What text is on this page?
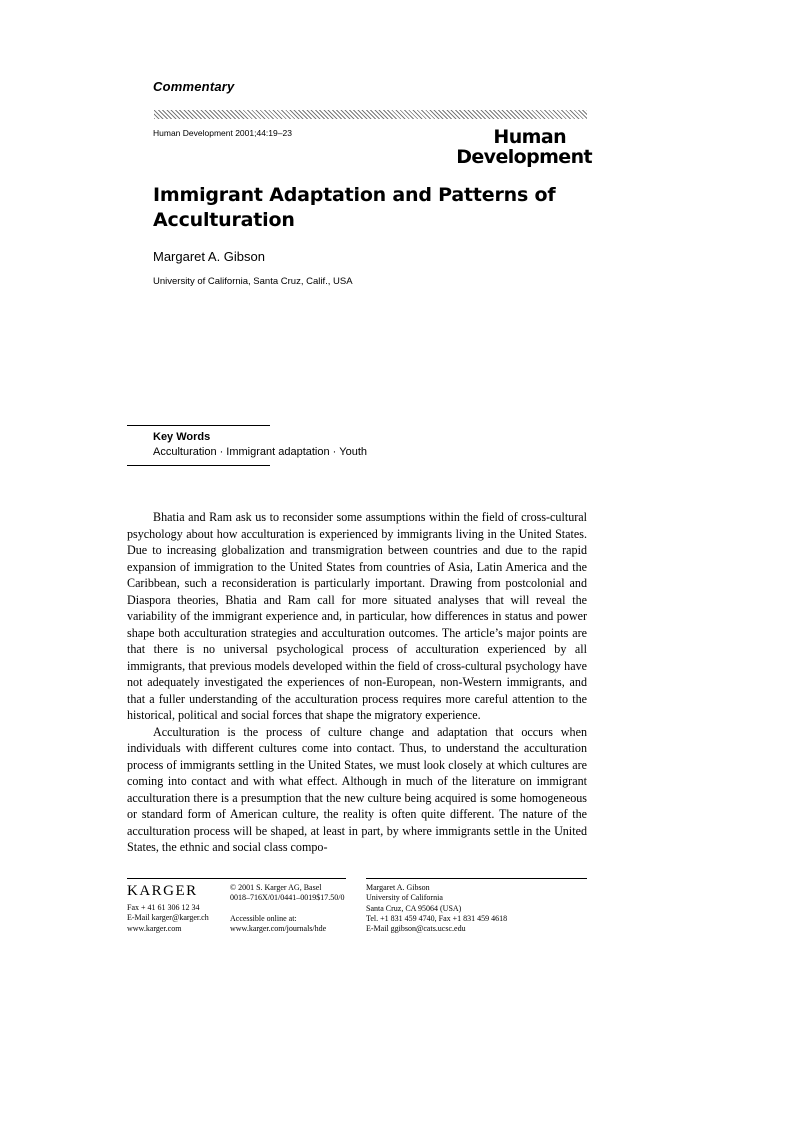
Commentary
Human Development 2001;44:19–23	Human
Development
Immigrant Adaptation and Patterns of
Acculturation
Margaret A. Gibson
University of California, Santa Cruz, Calif., USA
Key Words
Acculturation · Immigrant adaptation · Youth

Bhatia and Ram ask us to reconsider some assumptions within the field of cross-cultural psychology about how acculturation is experienced by immigrants living in the United States. Due to increasing globalization and transmigration between countries and due to the rapid expansion of immigration to the United States from countries of Asia, Latin America and the Caribbean, such a reconsideration is particularly important. Drawing from postcolonial and Diaspora theories, Bhatia and Ram call for more situated analyses that will reveal the variability of the immigrant experience and, in particular, how differences in status and power shape both acculturation strategies and acculturation outcomes. The article’s major points are that there is no universal psychological process of acculturation experienced by all immigrants, that previous models developed within the field of cross-cultural psychology have not adequately investigated the experiences of non-European, non-Western immigrants, and that a fuller understanding of the acculturation process requires more careful attention to the historical, political and social forces that shape the migratory experience.

Acculturation is the process of culture change and adaptation that occurs when individuals with different cultures come into contact. Thus, to understand the acculturation process of immigrants settling in the United States, we must look closely at which cultures are coming into contact and with what effect. Although in much of the literature on immigrant acculturation there is a presumption that the new culture being acquired is some homogeneous or standard form of American culture, the reality is often quite different. The nature of the acculturation process will be shaped, at least in part, by where immigrants settle in the United States, the ethnic and social class compo-

KARGER
Fax + 41 61 306 12 34
E-Mail karger@karger.ch
www.karger.com
© 2001 S. Karger AG, Basel
0018–716X/01/0441–0019$17.50/0
Accessible online at:
www.karger.com/journals/hde
Margaret A. Gibson
University of California
Santa Cruz, CA 95064 (USA)
Tel. +1 831 459 4740, Fax +1 831 459 4618
E-Mail ggibson@cats.ucsc.edu
